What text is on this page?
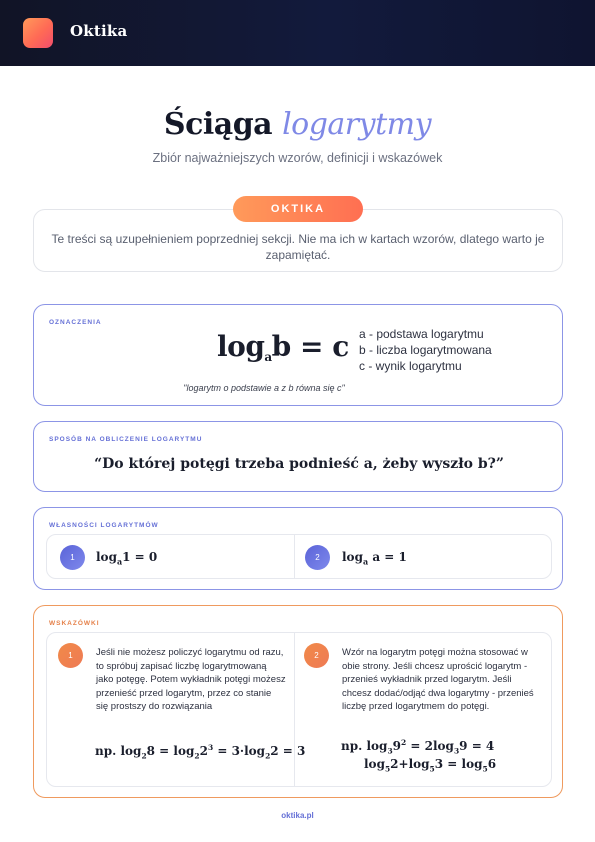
Oktika
Ściąga logarytmy
Zbiór najważniejszych wzorów, definicji i wskazówek
OKTIKA
Te treści są uzupełnieniem poprzedniej sekcji. Nie ma ich w kartach wzorów, dlatego warto je zapamiętać.
OZNACZENIA
$\log_ab = c$ a - podstawa logarytmu
b - liczba logarytmowana
c - wynik logarytmu
"logarytm o podstawie a z b równa się c"
SPOSÓB NA OBLICZENIE LOGARYTMU
“Do której potęgi trzeba podnieść a, żeby wyszło b?”
WŁASNOŚCI LOGARYTMÓW
1	$\log_a1 = 0$	2	$\log_a a = 1$
WSKAZÓWKI
1	Jeśli nie możesz policzyć logarytmu od razu, to spróbuj zapisać liczbę logarytmowaną jako potęgę. Potem wykładnik potęgi możesz przenieść przed logarytm, przez co stanie się prostszy do rozwiązania
np. $\log_28 = \log_22^3 = 3\cdot\log_22 = 3$
2	Wzór na logarytm potęgi można stosować w obie strony. Jeśli chcesz uprościć logarytm - przenieś wykładnik przed logarytm. Jeśli chcesz dodać/odjąć dwa logarytmy - przenieś liczbę przed logarytmem do potęgi.
np. $\log_39^2 = 2\log_39 = 4$
$\log_52+\log_53 = \log_56$
oktika.pl
